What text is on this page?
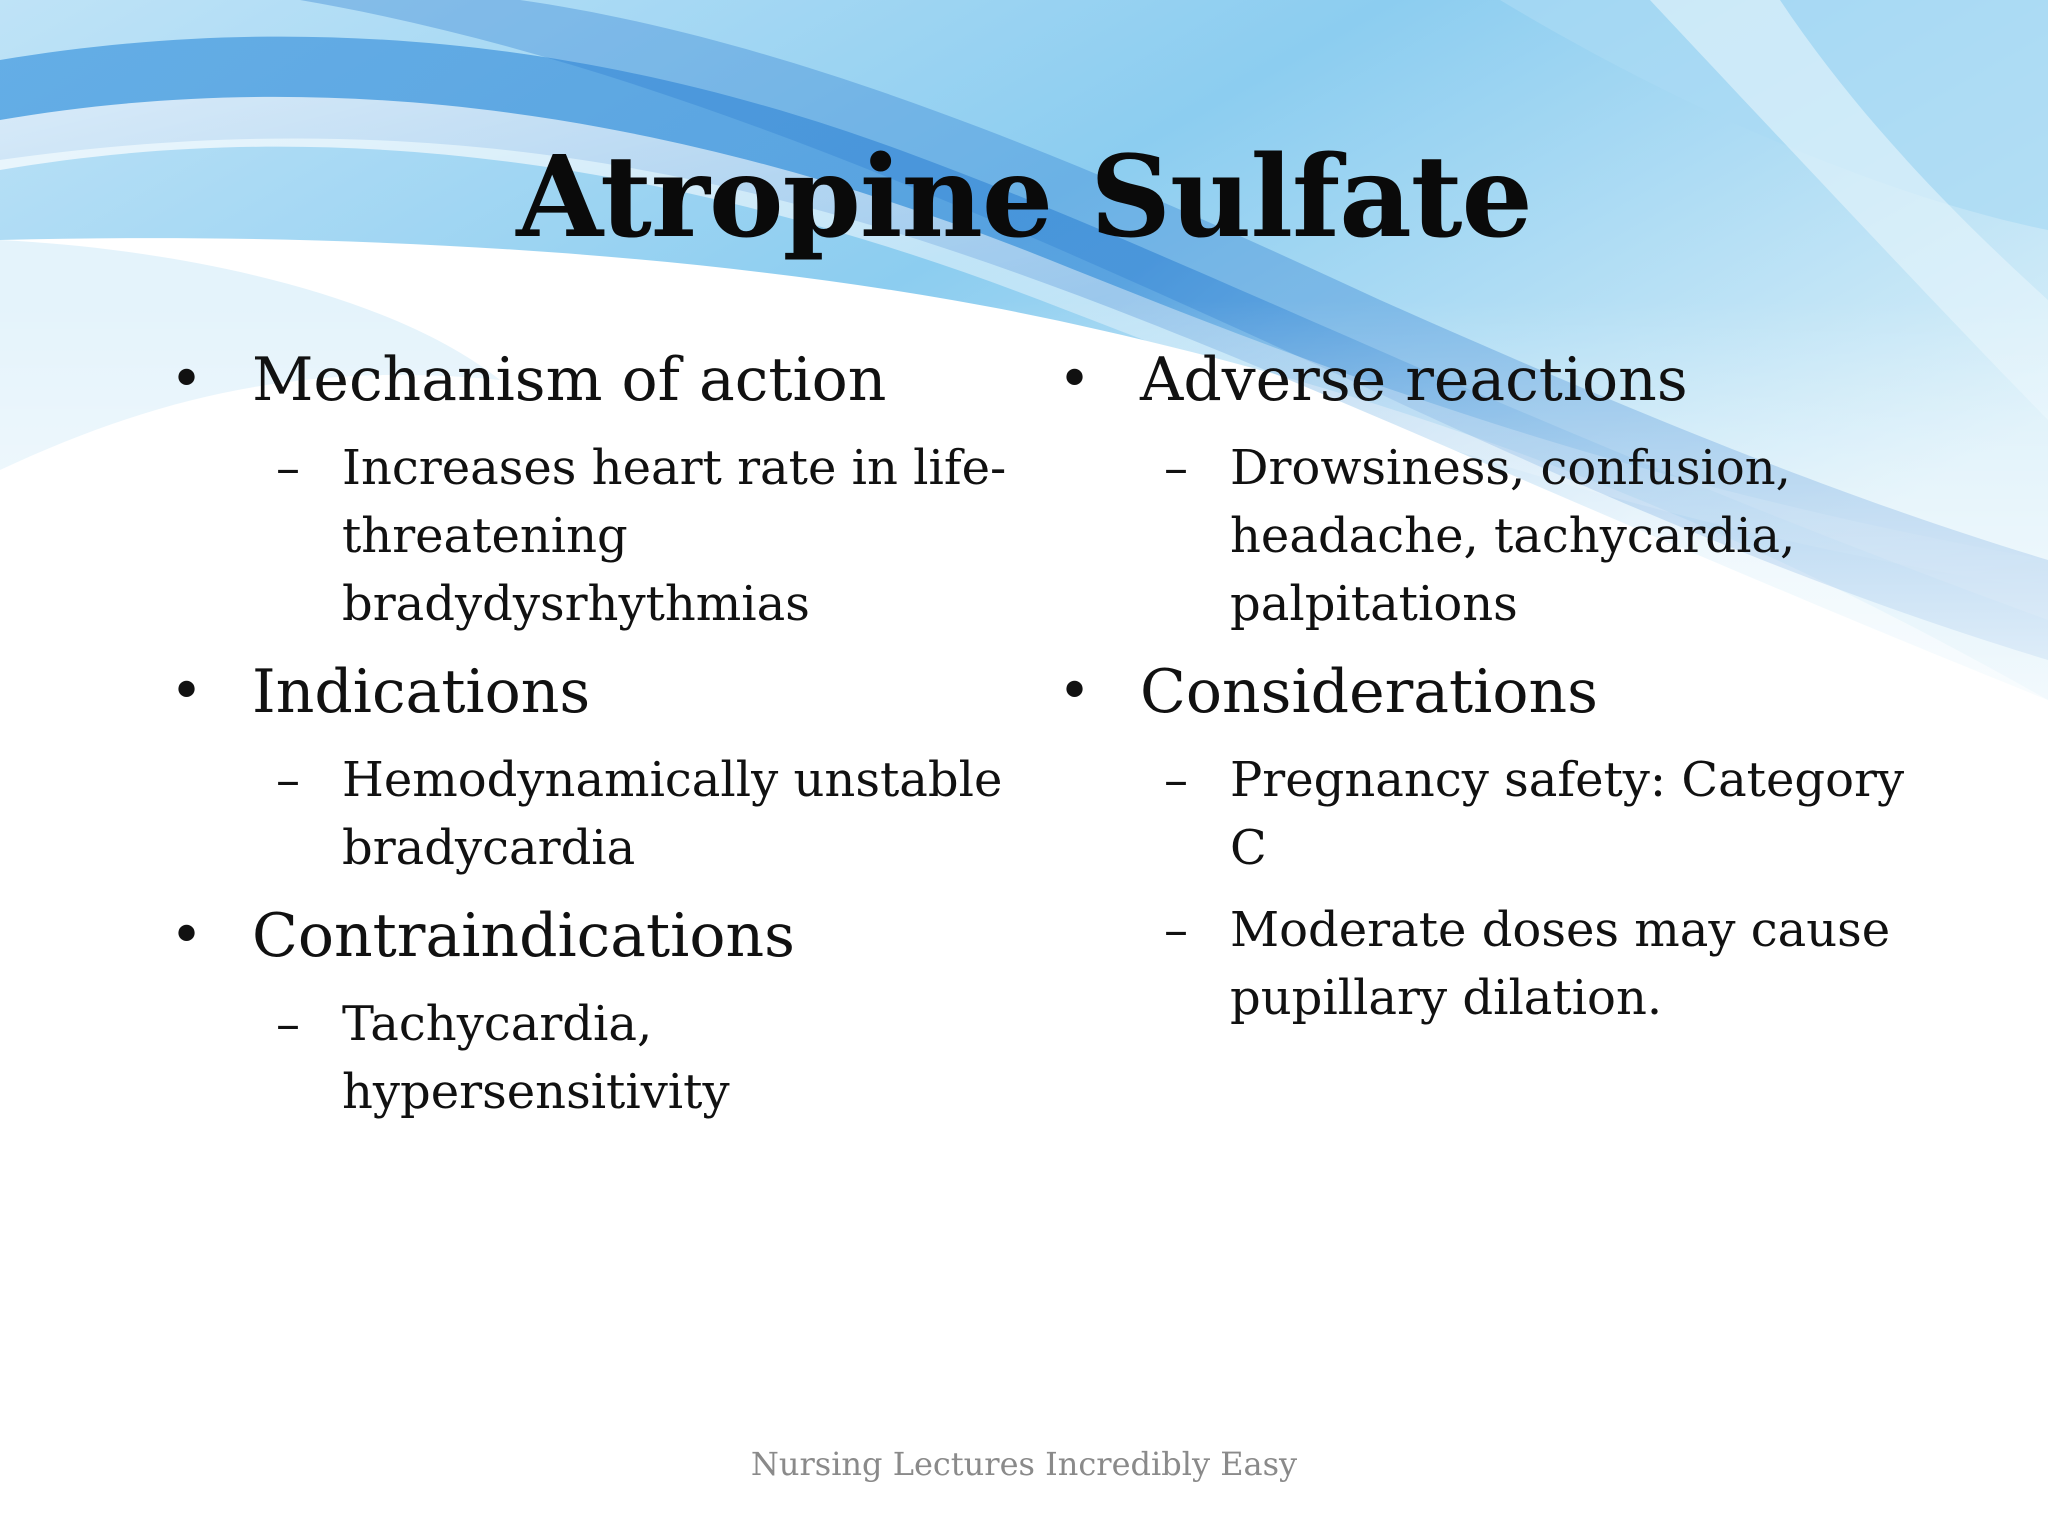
Atropine Sulfate
• Mechanism of action
– Increases heart rate in life-threatening bradydysrhythmias
• Indications
– Hemodynamically unstable bradycardia
• Contraindications
– Tachycardia, hypersensitivity
• Adverse reactions
– Drowsiness, confusion, headache, tachycardia, palpitations
• Considerations
– Pregnancy safety: Category C
– Moderate doses may cause pupillary dilation.
Nursing Lectures Incredibly Easy
